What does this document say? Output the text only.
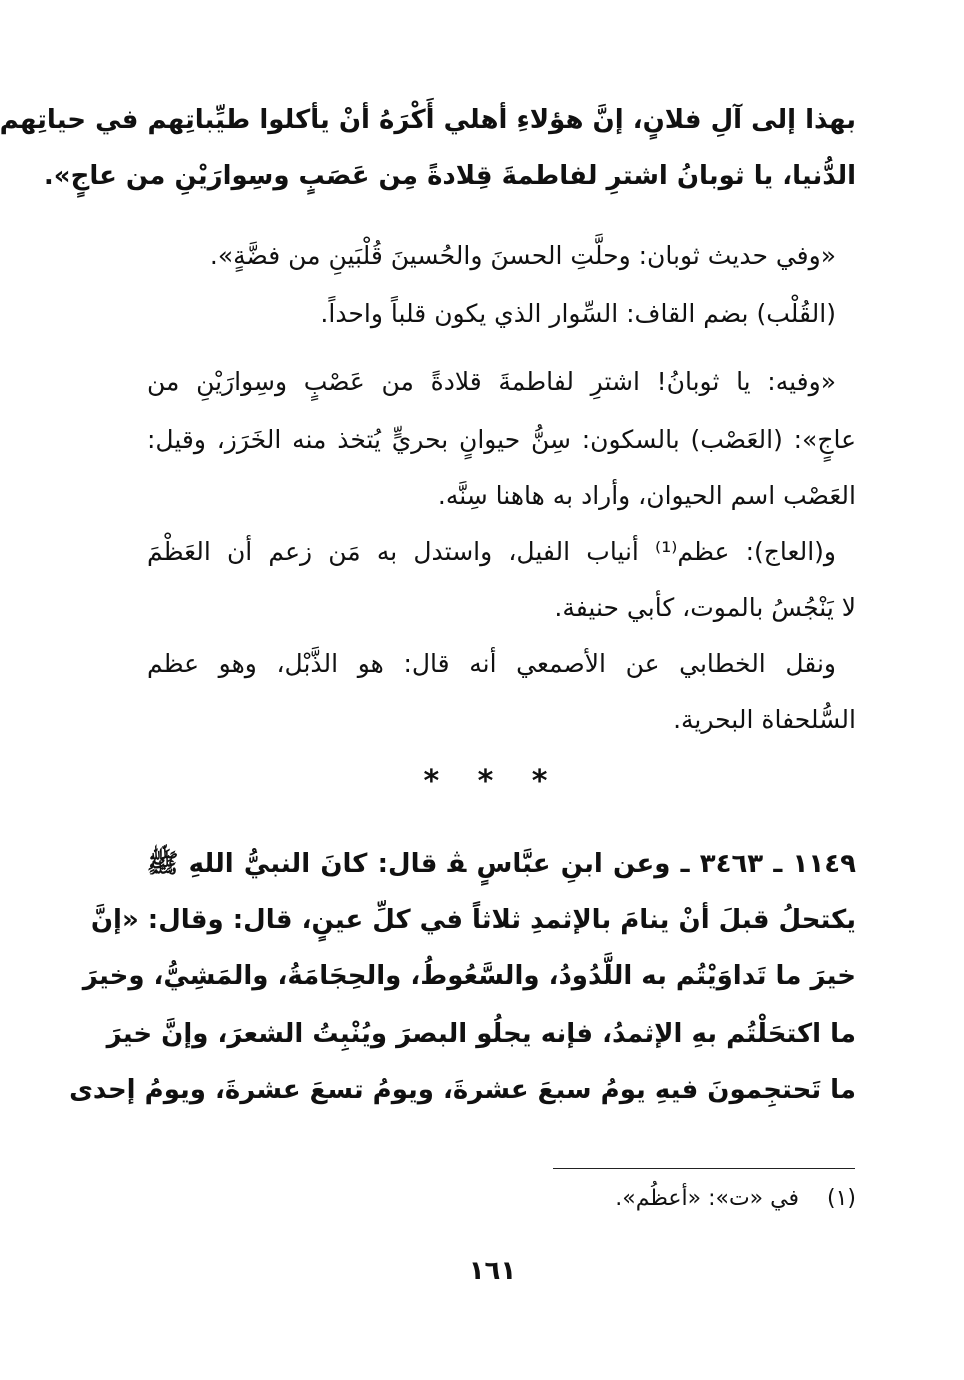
بهذا إلى آلِ فلانٍ، إنَّ هؤلاءِ أهلي أَكْرَهُ أنْ يأكلوا طيِّباتِهم في حياتِهم
الدُّنيا، يا ثوبانُ اشترِ لفاطمةَ قِلادةً مِن عَصَبٍ وسِوارَيْنِ من عاجٍ».
«وفي حديث ثوبان: وحلَّتِ الحسنَ والحُسينَ قُلْبَينِ من فضَّةٍ».
(القُلْب) بضم القاف: السِّوار الذي يكون قلباً واحداً.
«وفيه: يا ثوبانُ! اشترِ لفاطمةَ قلادةً من عَصْبٍ وسِوارَيْنِ من
عاجٍ»: (العَصْب) بالسكون: سِنُّ حيوانٍ بحريٍّ يُتخذ منه الخَرَز، وقيل:
العَصْب اسم الحيوان، وأراد به هاهنا سِنَّه.
و(العاج): عظم⁽¹⁾ أنياب الفيل، واستدل به مَن زعم أن العَظْمَ
لا يَنْجُسُ بالموت، كأبي حنيفة.
ونقل الخطابي عن الأصمعي أنه قال: هو الذَّبْل، وهو عظم
السُّلحفاة البحرية.
* * *
١١٤٩ ـ ٣٤٦٣ ـ وعن ابنِ عبَّاسٍ ﭭ قال: كانَ النبيُّ اللهِ ﷺ
يكتحلُ قبلَ أنْ ينامَ بالإثمدِ ثلاثاً في كلِّ عينٍ، قال: وقال: «إنَّ
خيرَ ما تَداوَيْتُم به اللَّدُودُ، والسَّعُوطُ، والحِجَامَةُ، والمَشِيُّ، وخيرَ
ما اكتحَلْتُم بهِ الإثمدُ، فإنه يجلُو البصرَ ويُنْبِتُ الشعرَ، وإنَّ خيرَ
ما تَحتجِمونَ فيهِ يومُ سبعَ عشرةَ، ويومُ تسعَ عشرةَ، ويومُ إحدى
(١)    في «ت»: «أعظُم».
١٦١
